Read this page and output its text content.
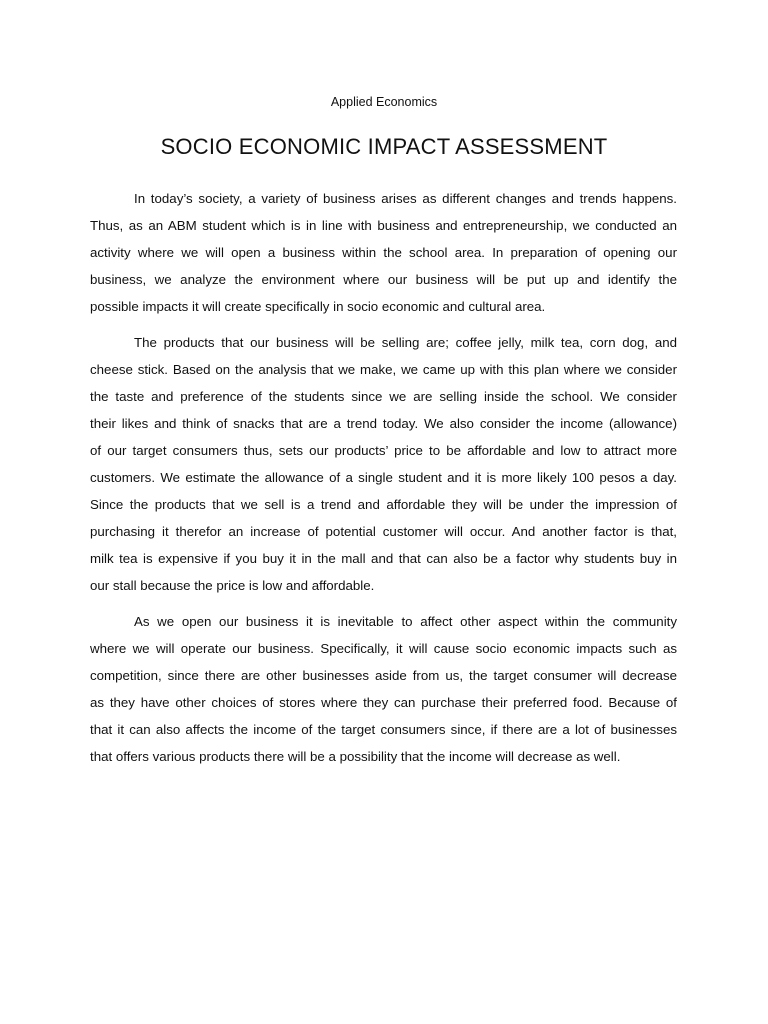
Applied Economics
SOCIO ECONOMIC IMPACT ASSESSMENT
In today’s society, a variety of business arises as different changes and trends happens.
Thus, as an ABM student which is in line with business and entrepreneurship, we conducted an
activity where we will open a business within the school area. In preparation of opening our
business, we analyze the environment where our business will be put up and identify the
possible impacts it will create specifically in socio economic and cultural area.
The products that our business will be selling are; coffee jelly, milk tea, corn dog, and
cheese stick. Based on the analysis that we make, we came up with this plan where we consider
the taste and preference of the students since we are selling inside the school. We consider
their likes and think of snacks that are a trend today. We also consider the income (allowance)
of our target consumers thus, sets our products’ price to be affordable and low to attract more
customers. We estimate the allowance of a single student and it is more likely 100 pesos a day.
Since the products that we sell is a trend and affordable they will be under the impression of
purchasing it therefor an increase of potential customer will occur. And another factor is that,
milk tea is expensive if you buy it in the mall and that can also be a factor why students buy in
our stall because the price is low and affordable.
As we open our business it is inevitable to affect other aspect within the community
where we will operate our business. Specifically, it will cause socio economic impacts such as
competition, since there are other businesses aside from us, the target consumer will decrease
as they have other choices of stores where they can purchase their preferred food. Because of
that it can also affects the income of the target consumers since, if there are a lot of businesses
that offers various products there will be a possibility that the income will decrease as well.
